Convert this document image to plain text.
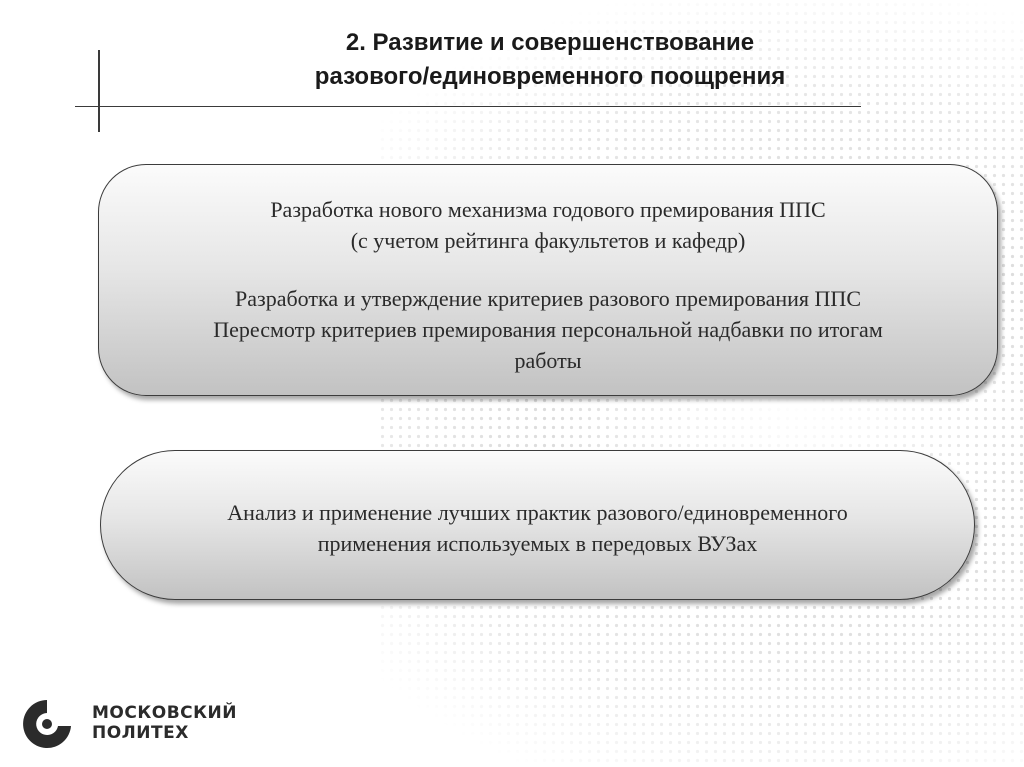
2. Развитие и совершенствование
разового/единовременного поощрения
Разработка нового механизма годового премирования ППС
(с учетом рейтинга факультетов и кафедр)
Разработка и утверждение критериев разового премирования ППС
Пересмотр критериев премирования персональной надбавки по итогам
работы
Анализ и применение лучших практик разового/единовременного
применения используемых в передовых ВУЗах
МОСКОВСКИЙ
ПОЛИТЕХ
